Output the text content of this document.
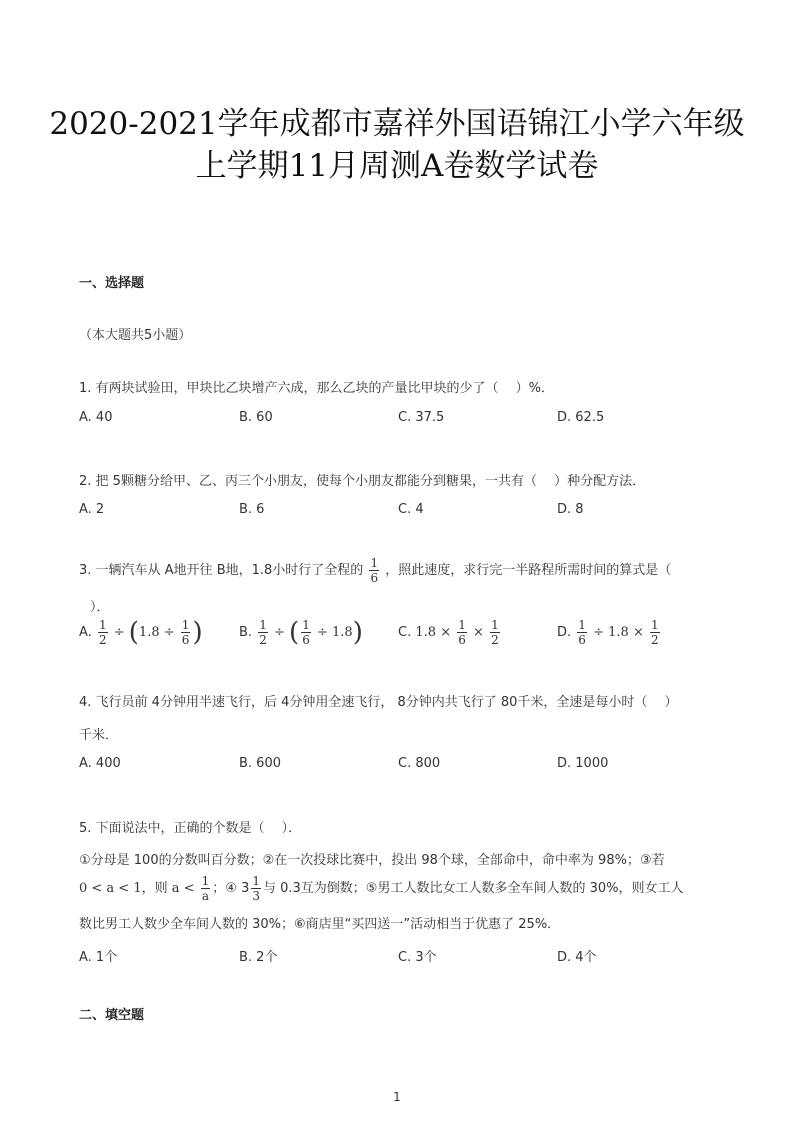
2020-2021学年成都市嘉祥外国语锦江小学六年级
上学期11月周测A卷数学试卷
一、选择题
（本大题共5小题）
1. 有两块试验田，甲块比乙块增产六成，那么乙块的产量比甲块的少了（　 ）%．
A. 40	B. 60	C. 37.5	D. 62.5
2. 把 5颗糖分给甲、乙、丙三个小朋友，使每个小朋友都能分到糖果，一共有（　 ）种分配方法．
A. 2	B. 6	C. 4	D. 8
3. 一辆汽车从 A地开往 B地，1.8小时行了全程的 $\frac{1}{6}$ ，照此速度，求行完一半路程所需时间的算式是（
）．
A. $\frac{1}{2} \div (1.8 \div \frac{1}{6}$ )	B. $\frac{1}{2}$ ÷ ( $\frac{1}{6} \div 1.8$)	C. $1.8 \times \frac{1}{6} \times \frac{1}{2}$	D. $\frac{1}{6} \div 1.8 \times \frac{1}{2}$
4. 飞行员前 4分钟用半速飞行，后 4分钟用全速飞行， 8分钟内共飞行了 80千米，全速是每小时（　 ）
千米．
A. 400	B. 600	C. 800	D. 1000
5. 下面说法中，正确的个数是（　 ）．
①分母是 100的分数叫百分数；②在一次投球比赛中，投出 98个球，全部命中，命中率为 98%；③若
0 < a < 1，则 $a < \frac{1}{a}$ ；④ $3 \frac{1}{3}$ 与 0.3互为倒数；⑤男工人数比女工人数多全车间人数的 30%，则女工人
数比男工人数少全车间人数的 30%；⑥商店里“买四送一”活动相当于优惠了 25%．
A. 1个	B. 2个	C. 3个	D. 4个
二、填空题
1
